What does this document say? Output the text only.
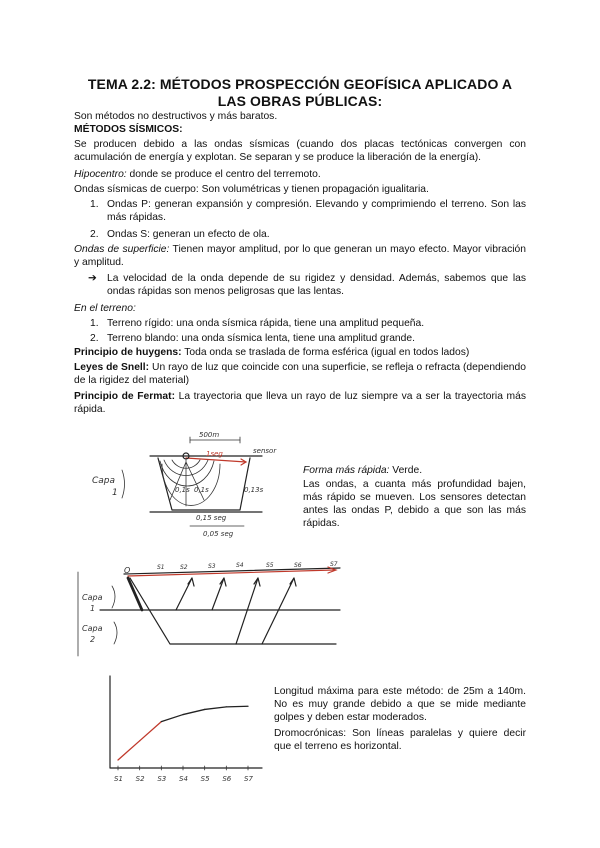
TEMA 2.2: MÉTODOS PROSPECCIÓN GEOFÍSICA APLICADO A
LAS OBRAS PÚBLICAS:
Son métodos no destructivos y más baratos.
MÉTODOS SÍSMICOS:
Se producen debido a las ondas sísmicas (cuando dos placas tectónicas convergen con acumulación de energía y explotan. Se separan y se produce la liberación de la energía).
Hipocentro: donde se produce el centro del terremoto.
Ondas sísmicas de cuerpo: Son volumétricas y tienen propagación igualitaria.
1. Ondas P: generan expansión y compresión. Elevando y comprimiendo el terreno. Son las más rápidas.
2. Ondas S: generan un efecto de ola.
Ondas de superficie: Tienen mayor amplitud, por lo que generan un mayo efecto. Mayor vibración y amplitud.
➔ La velocidad de la onda depende de su rigidez y densidad. Además, sabemos que las ondas rápidas son menos peligrosas que las lentas.
En el terreno:
1. Terreno rígido: una onda sísmica rápida, tiene una amplitud pequeña.
2. Terreno blando: una onda sísmica lenta, tiene una amplitud grande.
Principio de huygens: Toda onda se traslada de forma esférica (igual en todos lados)
Leyes de Snell: Un rayo de luz que coincide con una superficie, se refleja o refracta (dependiendo de la rigidez del material)
Principio de Fermat: La trayectoria que lleva un rayo de luz siempre va a ser la trayectoria más rápida.
Capa
1
500m
1seg	sensor
0,1s 0,1s	0,13s
0,15 seg
0,05 seg
Forma más rápida: Verde.
Las ondas, a cuanta más profundidad bajen, más rápido se mueven. Los sensores detectan antes las ondas P, debido a que son las más rápidas.
Capa
1
Capa
2
O	S1	S2	S3	S4	S5	S6	S7
S1 S2 S3 S4 S5 S6 S7
Longitud máxima para este método: de 25m a 140m. No es muy grande debido a que se mide mediante golpes y deben estar moderados.
Dromocrónicas: Son líneas paralelas y quiere decir que el terreno es horizontal.
